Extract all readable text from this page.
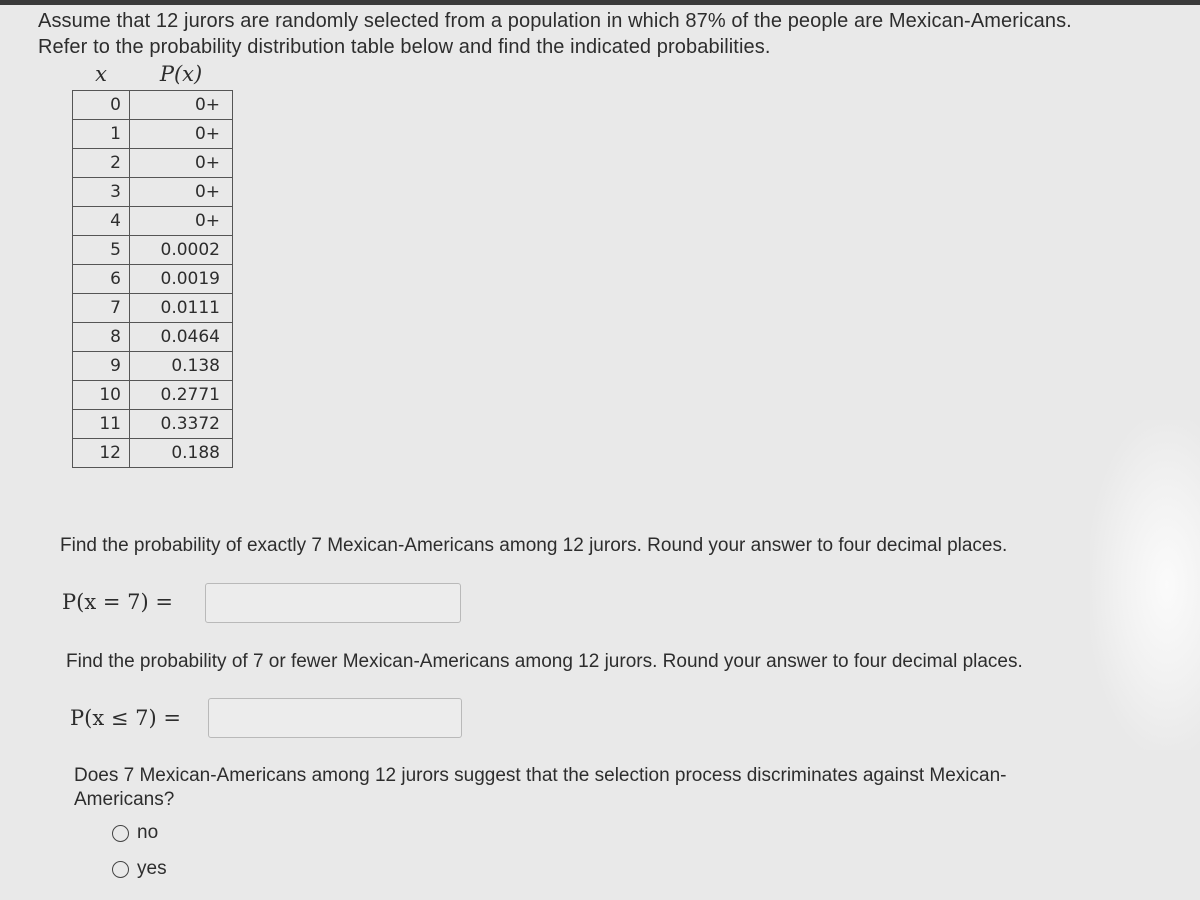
Assume that 12 jurors are randomly selected from a population in which 87% of the people are Mexican-Americans. Refer to the probability distribution table below and find the indicated probabilities.
x	P(x)
0	0+
1	0+
2	0+
3	0+
4	0+
5	0.0002
6	0.0019
7	0.0111
8	0.0464
9	0.138
10	0.2771
11	0.3372
12	0.188
Find the probability of exactly 7 Mexican-Americans among 12 jurors. Round your answer to four decimal places.
P(x = 7) =
Find the probability of 7 or fewer Mexican-Americans among 12 jurors. Round your answer to four decimal places.
P(x ≤ 7) =
Does 7 Mexican-Americans among 12 jurors suggest that the selection process discriminates against Mexican-Americans?
no
yes
